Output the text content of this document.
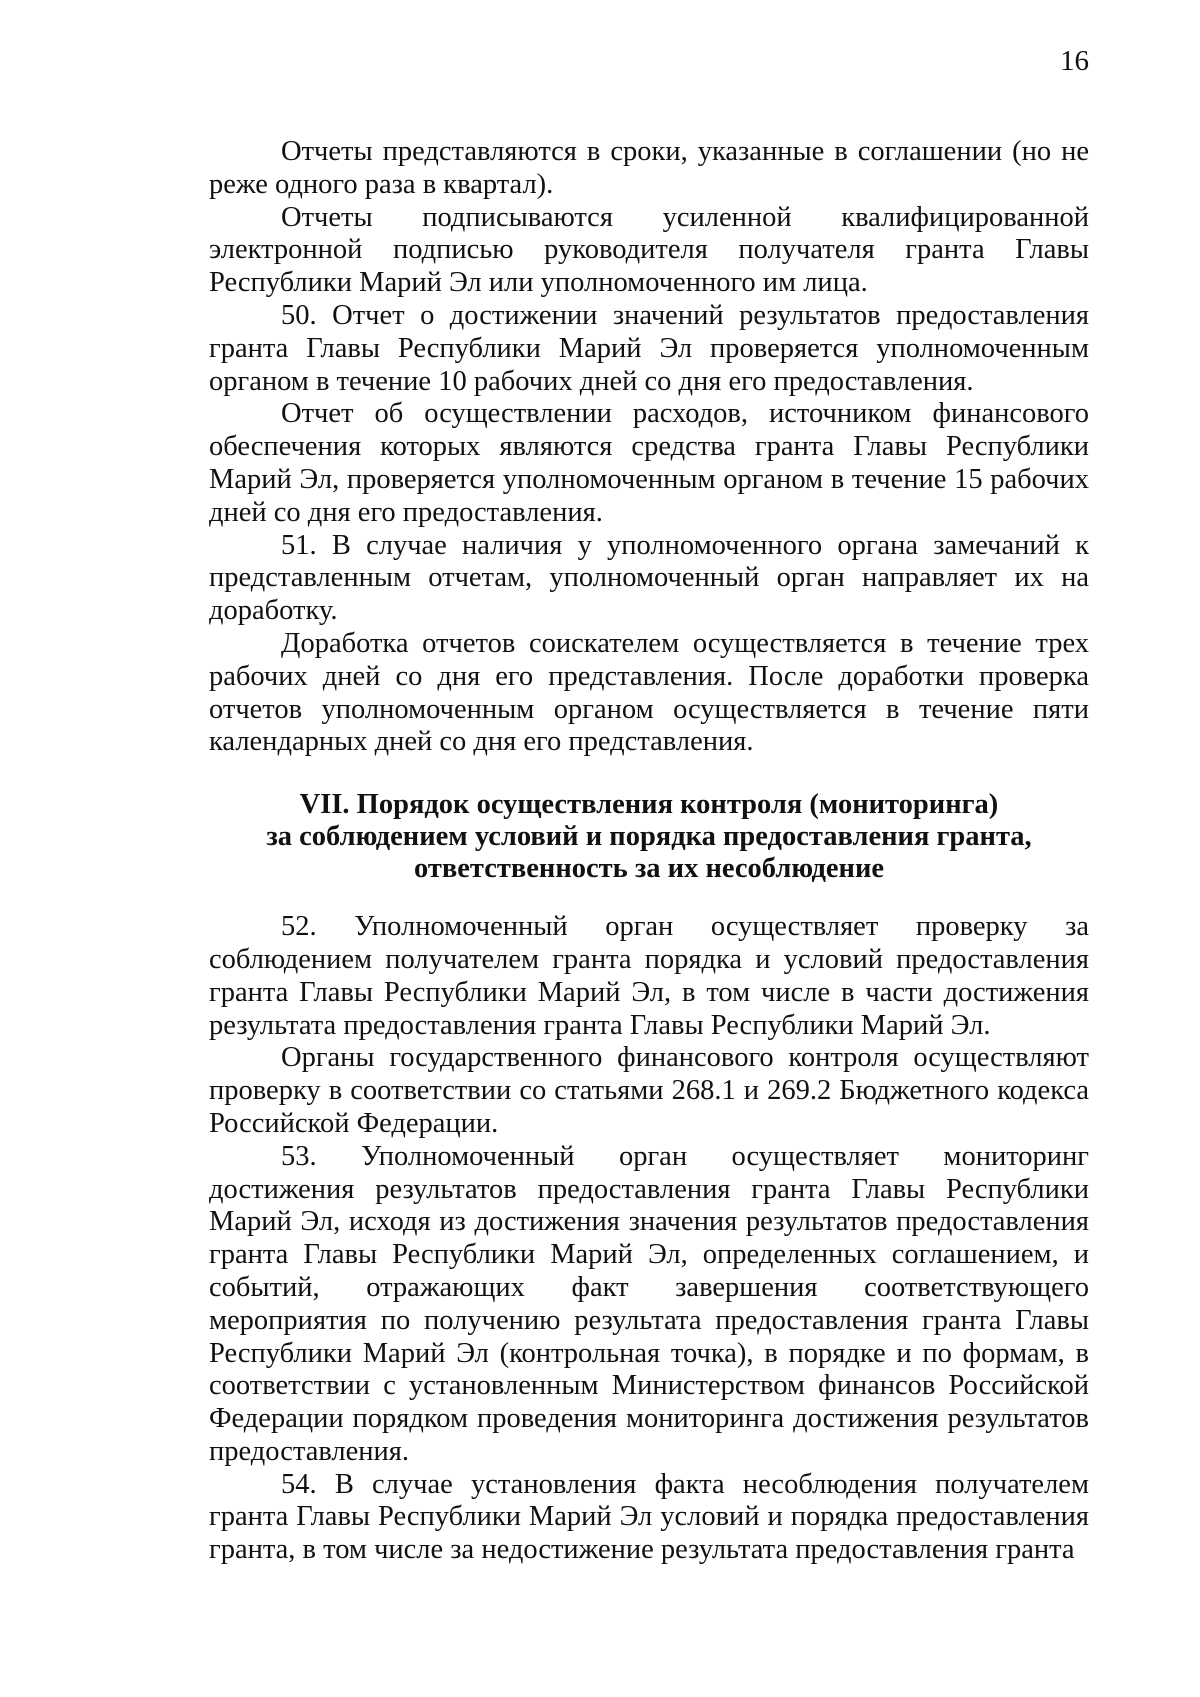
16

Отчеты представляются в сроки, указанные в соглашении (но не реже одного раза в квартал).

Отчеты подписываются усиленной квалифицированной электронной подписью руководителя получателя гранта Главы Республики Марий Эл или уполномоченного им лица.

50. Отчет о достижении значений результатов предоставления гранта Главы Республики Марий Эл проверяется уполномоченным органом в течение 10 рабочих дней со дня его предоставления.

Отчет об осуществлении расходов, источником финансового обеспечения которых являются средства гранта Главы Республики Марий Эл, проверяется уполномоченным органом в течение 15 рабочих дней со дня его предоставления.

51. В случае наличия у уполномоченного органа замечаний к представленным отчетам, уполномоченный орган направляет их на доработку.

Доработка отчетов соискателем осуществляется в течение трех рабочих дней со дня его представления. После доработки проверка отчетов уполномоченным органом осуществляется в течение пяти календарных дней со дня его представления.

VII. Порядок осуществления контроля (мониторинга)
за соблюдением условий и порядка предоставления гранта,
ответственность за их несоблюдение

52. Уполномоченный орган осуществляет проверку за соблюдением получателем гранта порядка и условий предоставления гранта Главы Республики Марий Эл, в том числе в части достижения результата предоставления гранта Главы Республики Марий Эл.

Органы государственного финансового контроля осуществляют проверку в соответствии со статьями 268.1 и 269.2 Бюджетного кодекса Российской Федерации.

53. Уполномоченный орган осуществляет мониторинг достижения результатов предоставления гранта Главы Республики Марий Эл, исходя из достижения значения результатов предоставления гранта Главы Республики Марий Эл, определенных соглашением, и событий, отражающих факт завершения соответствующего мероприятия по получению результата предоставления гранта Главы Республики Марий Эл (контрольная точка), в порядке и по формам, в соответствии с установленным Министерством финансов Российской Федерации порядком проведения мониторинга достижения результатов предоставления.

54. В случае установления факта несоблюдения получателем гранта Главы Республики Марий Эл условий и порядка предоставления гранта, в том числе за недостижение результата предоставления гранта
